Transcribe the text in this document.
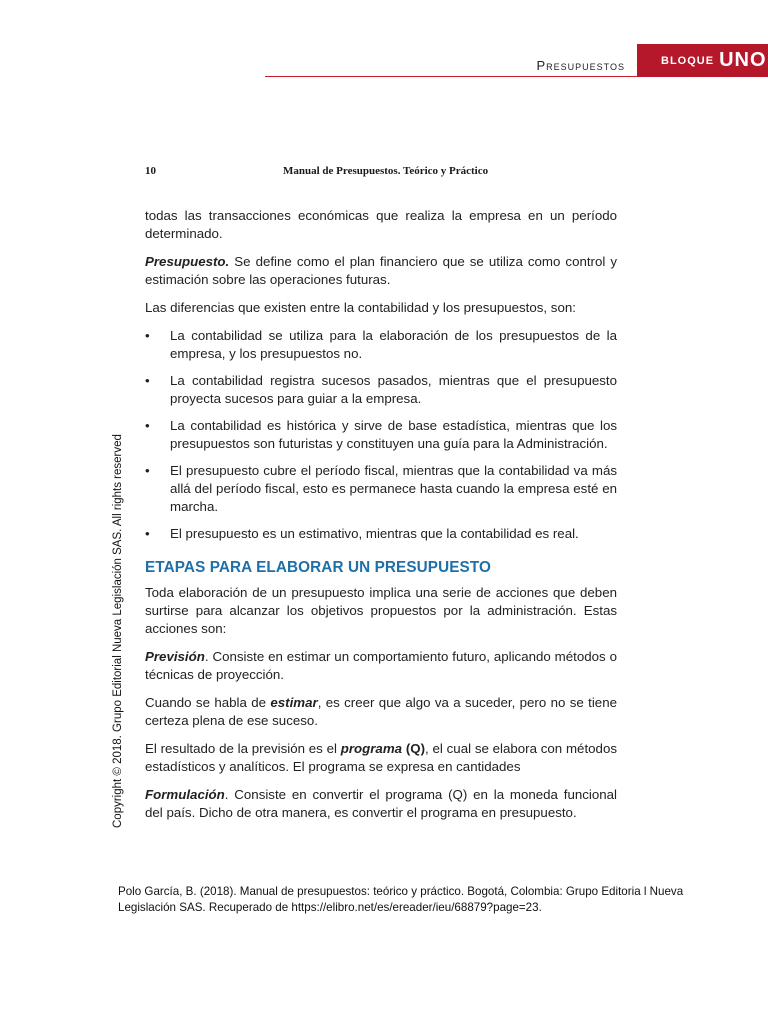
Presupuestos	BLOQUE UNO
Copyright © 2018. Grupo Editorial Nueva Legislación SAS. All rights reserved
10	Manual de Presupuestos. Teórico y Práctico

todas las transacciones económicas que realiza la empresa en un período determinado.

Presupuesto. Se define como el plan financiero que se utiliza como control y estimación sobre las operaciones futuras.

Las diferencias que existen entre la contabilidad y los presupuestos, son:

• La contabilidad se utiliza para la elaboración de los presupuestos de la empresa, y los presupuestos no.
• La contabilidad registra sucesos pasados, mientras que el presupuesto proyecta sucesos para guiar a la empresa.
• La contabilidad es histórica y sirve de base estadística, mientras que los presupuestos son futuristas y constituyen una guía para la Administración.
• El presupuesto cubre el período fiscal, mientras que la contabilidad va más allá del período fiscal, esto es permanece hasta cuando la empresa esté en marcha.
• El presupuesto es un estimativo, mientras que la contabilidad es real.
ETAPAS PARA ELABORAR UN PRESUPUESTO

Toda elaboración de un presupuesto implica una serie de acciones que deben surtirse para alcanzar los objetivos propuestos por la administración. Estas acciones son:

Previsión. Consiste en estimar un comportamiento futuro, aplicando métodos o técnicas de proyección.

Cuando se habla de estimar, es creer que algo va a suceder, pero no se tiene certeza plena de ese suceso.

El resultado de la previsión es el programa (Q), el cual se elabora con métodos estadísticos y analíticos. El programa se expresa en cantidades

Formulación. Consiste en convertir el programa (Q) en la moneda funcional del país. Dicho de otra manera, es convertir el programa en presupuesto.

Polo García, B. (2018). Manual de presupuestos: teórico y práctico. Bogotá, Colombia: Grupo Editoria l Nueva Legislación SAS. Recuperado de https://elibro.net/es/ereader/ieu/68879?page=23.
